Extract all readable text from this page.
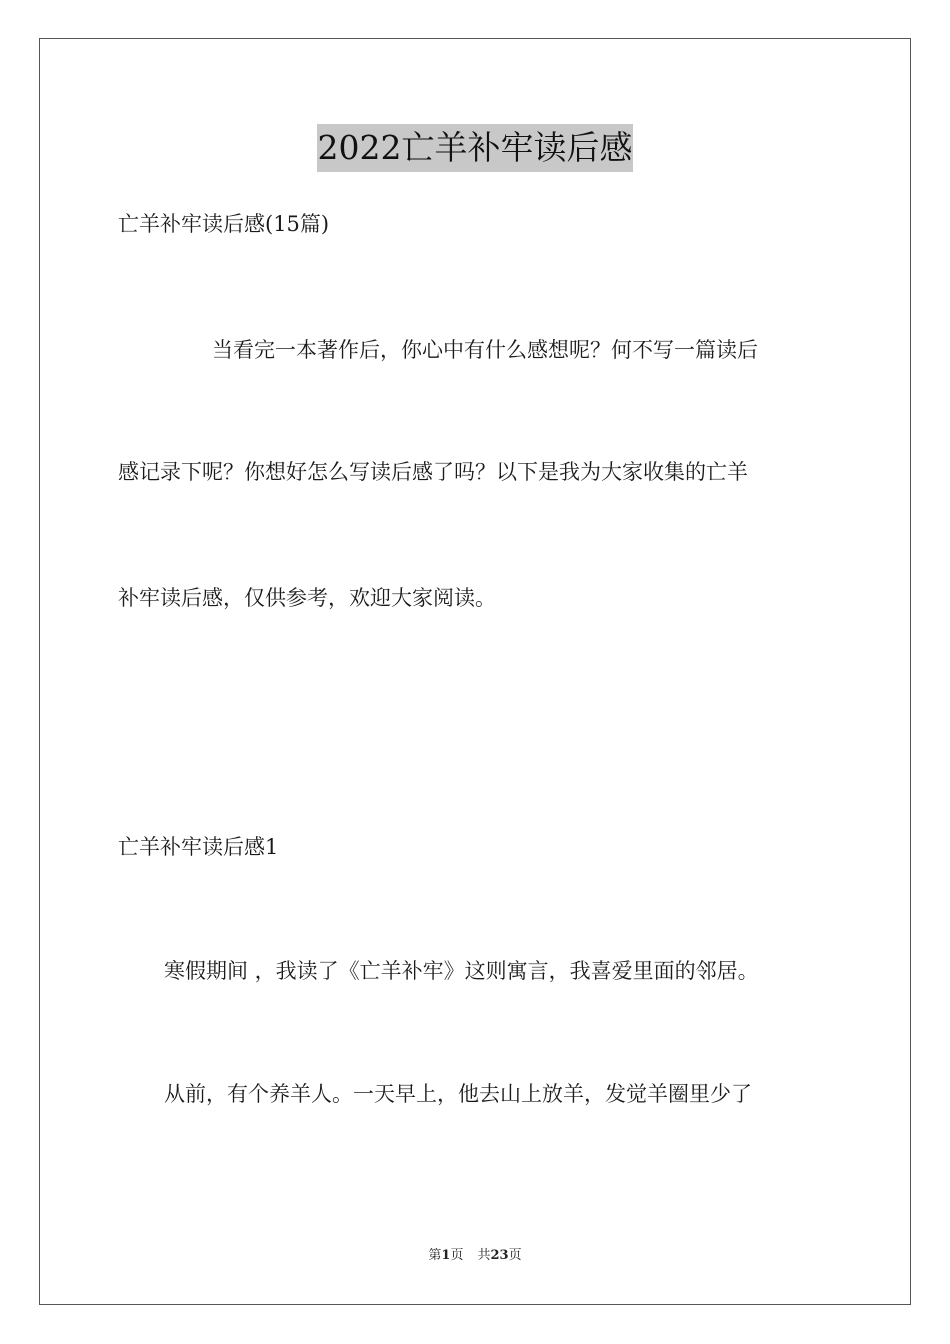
2022亡羊补牢读后感
亡羊补牢读后感(15篇)
当看完一本著作后，你心中有什么感想呢？何不写一篇读后
感记录下呢？你想好怎么写读后感了吗？以下是我为大家收集的亡羊
补牢读后感，仅供参考，欢迎大家阅读。
亡羊补牢读后感1
寒假期间 ，我读了《亡羊补牢》这则寓言，我喜爱里面的邻居。
从前，有个养羊人。一天早上，他去山上放羊，发觉羊圈里少了
第1页 共23页
